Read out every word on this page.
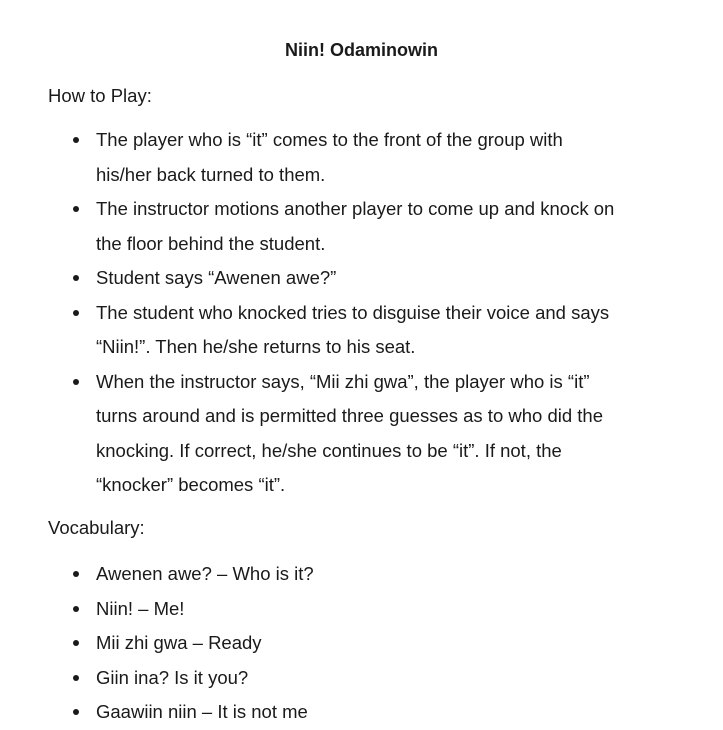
Niin! Odaminowin
How to Play:
The player who is “it” comes to the front of the group with
his/her back turned to them.
The instructor motions another player to come up and knock on
the floor behind the student.
Student says “Awenen awe?”
The student who knocked tries to disguise their voice and says
“Niin!”. Then he/she returns to his seat.
When the instructor says, “Mii zhi gwa”, the player who is “it”
turns around and is permitted three guesses as to who did the
knocking. If correct, he/she continues to be “it”. If not, the
“knocker” becomes “it”.
Vocabulary:
Awenen awe? – Who is it?
Niin! – Me!
Mii zhi gwa – Ready
Giin ina? Is it you?
Gaawiin niin – It is not me
